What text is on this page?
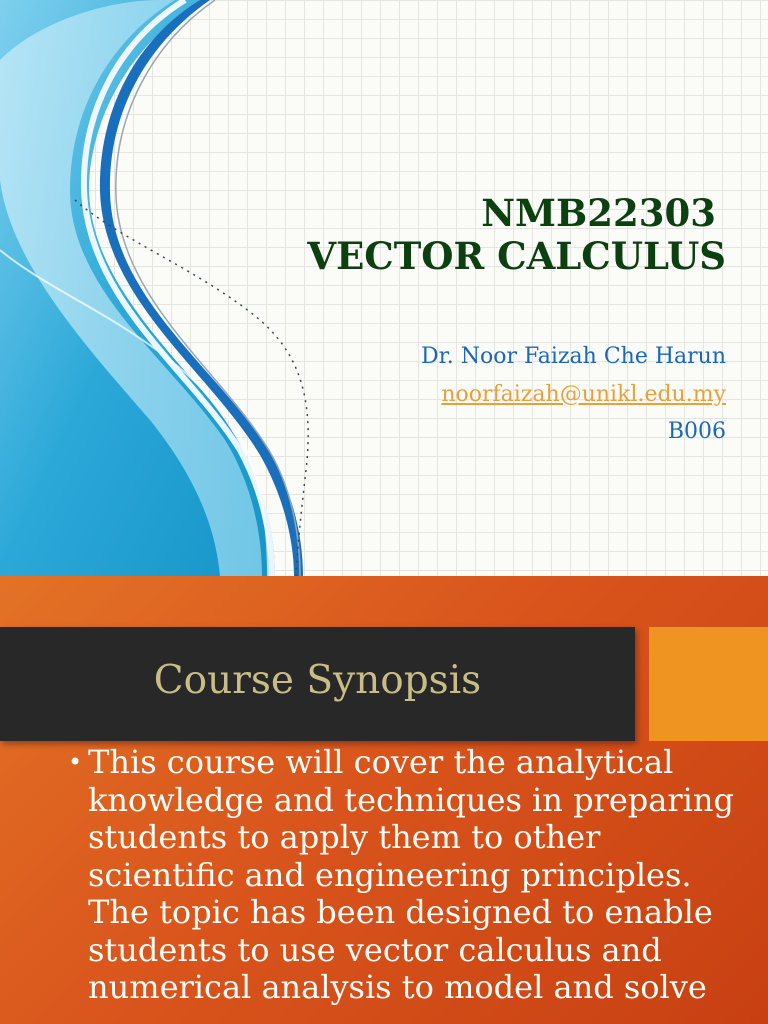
NMB22303
VECTOR CALCULUS
Dr. Noor Faizah Che Harun
noorfaizah@unikl.edu.my
B006
Course Synopsis
• This course will cover the analytical knowledge and techniques in preparing students to apply them to other scientific and engineering principles. The topic has been designed to enable students to use vector calculus and numerical analysis to model and solve
